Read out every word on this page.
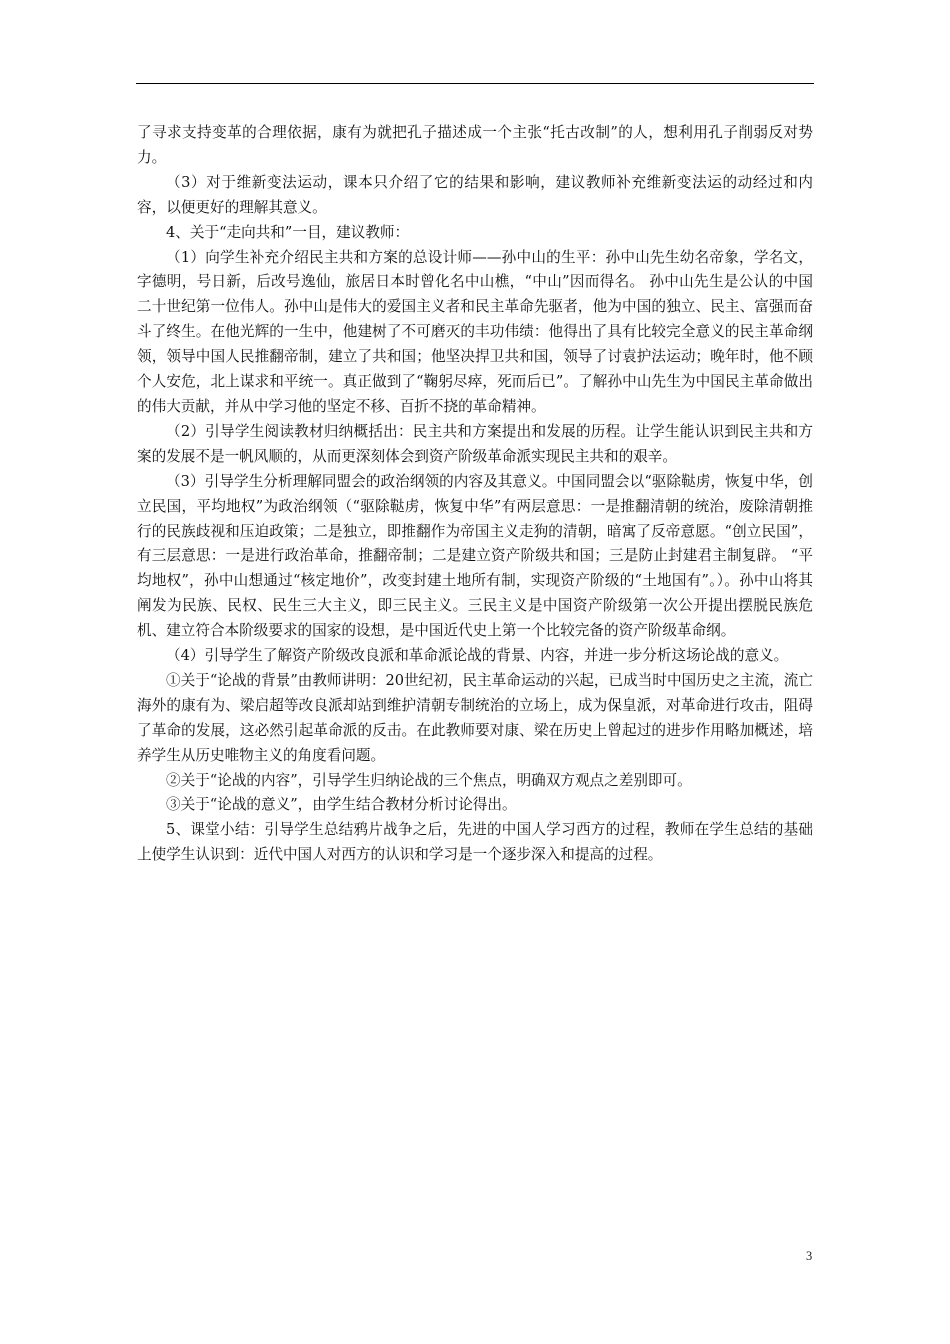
了寻求支持变革的合理依据，康有为就把孔子描述成一个主张“托古改制”的人，想利用孔子削弱反对势力。

（3）对于维新变法运动，课本只介绍了它的结果和影响，建议教师补充维新变法运的动经过和内容，以便更好的理解其意义。

4、关于“走向共和”一目，建议教师：

（1）向学生补充介绍民主共和方案的总设计师——孙中山的生平：孙中山先生幼名帝象，学名文，字德明，号日新，后改号逸仙，旅居日本时曾化名中山樵，“中山”因而得名。 孙中山先生是公认的中国二十世纪第一位伟人。孙中山是伟大的爱国主义者和民主革命先驱者，他为中国的独立、民主、富强而奋斗了终生。在他光辉的一生中，他建树了不可磨灭的丰功伟绩：他得出了具有比较完全意义的民主革命纲领，领导中国人民推翻帝制，建立了共和国；他坚决捍卫共和国，领导了讨袁护法运动；晚年时，他不顾个人安危，北上谋求和平统一。真正做到了“鞠躬尽瘁，死而后已”。了解孙中山先生为中国民主革命做出的伟大贡献，并从中学习他的坚定不移、百折不挠的革命精神。

（2）引导学生阅读教材归纳概括出：民主共和方案提出和发展的历程。让学生能认识到民主共和方案的发展不是一帆风顺的，从而更深刻体会到资产阶级革命派实现民主共和的艰辛。

（3）引导学生分析理解同盟会的政治纲领的内容及其意义。中国同盟会以“驱除鞑虏，恢复中华，创立民国，平均地权”为政治纲领（“驱除鞑虏，恢复中华”有两层意思：一是推翻清朝的统治，废除清朝推行的民族歧视和压迫政策；二是独立，即推翻作为帝国主义走狗的清朝，暗寓了反帝意愿。“创立民国”，有三层意思：一是进行政治革命，推翻帝制；二是建立资产阶级共和国；三是防止封建君主制复辟。 “平均地权”，孙中山想通过“核定地价”，改变封建土地所有制，实现资产阶级的“土地国有”。）。孙中山将其阐发为民族、民权、民生三大主义，即三民主义。三民主义是中国资产阶级第一次公开提出摆脱民族危机、建立符合本阶级要求的国家的设想，是中国近代史上第一个比较完备的资产阶级革命纲。

（4）引导学生了解资产阶级改良派和革命派论战的背景、内容，并进一步分析这场论战的意义。

①关于“论战的背景”由教师讲明：20世纪初，民主革命运动的兴起，已成当时中国历史之主流，流亡海外的康有为、梁启超等改良派却站到维护清朝专制统治的立场上，成为保皇派，对革命进行攻击，阻碍了革命的发展，这必然引起革命派的反击。在此教师要对康、梁在历史上曾起过的进步作用略加概述，培养学生从历史唯物主义的角度看问题。

②关于“论战的内容”，引导学生归纳论战的三个焦点，明确双方观点之差别即可。

③关于“论战的意义”，由学生结合教材分析讨论得出。

5、课堂小结：引导学生总结鸦片战争之后，先进的中国人学习西方的过程，教师在学生总结的基础上使学生认识到：近代中国人对西方的认识和学习是一个逐步深入和提高的过程。

3
